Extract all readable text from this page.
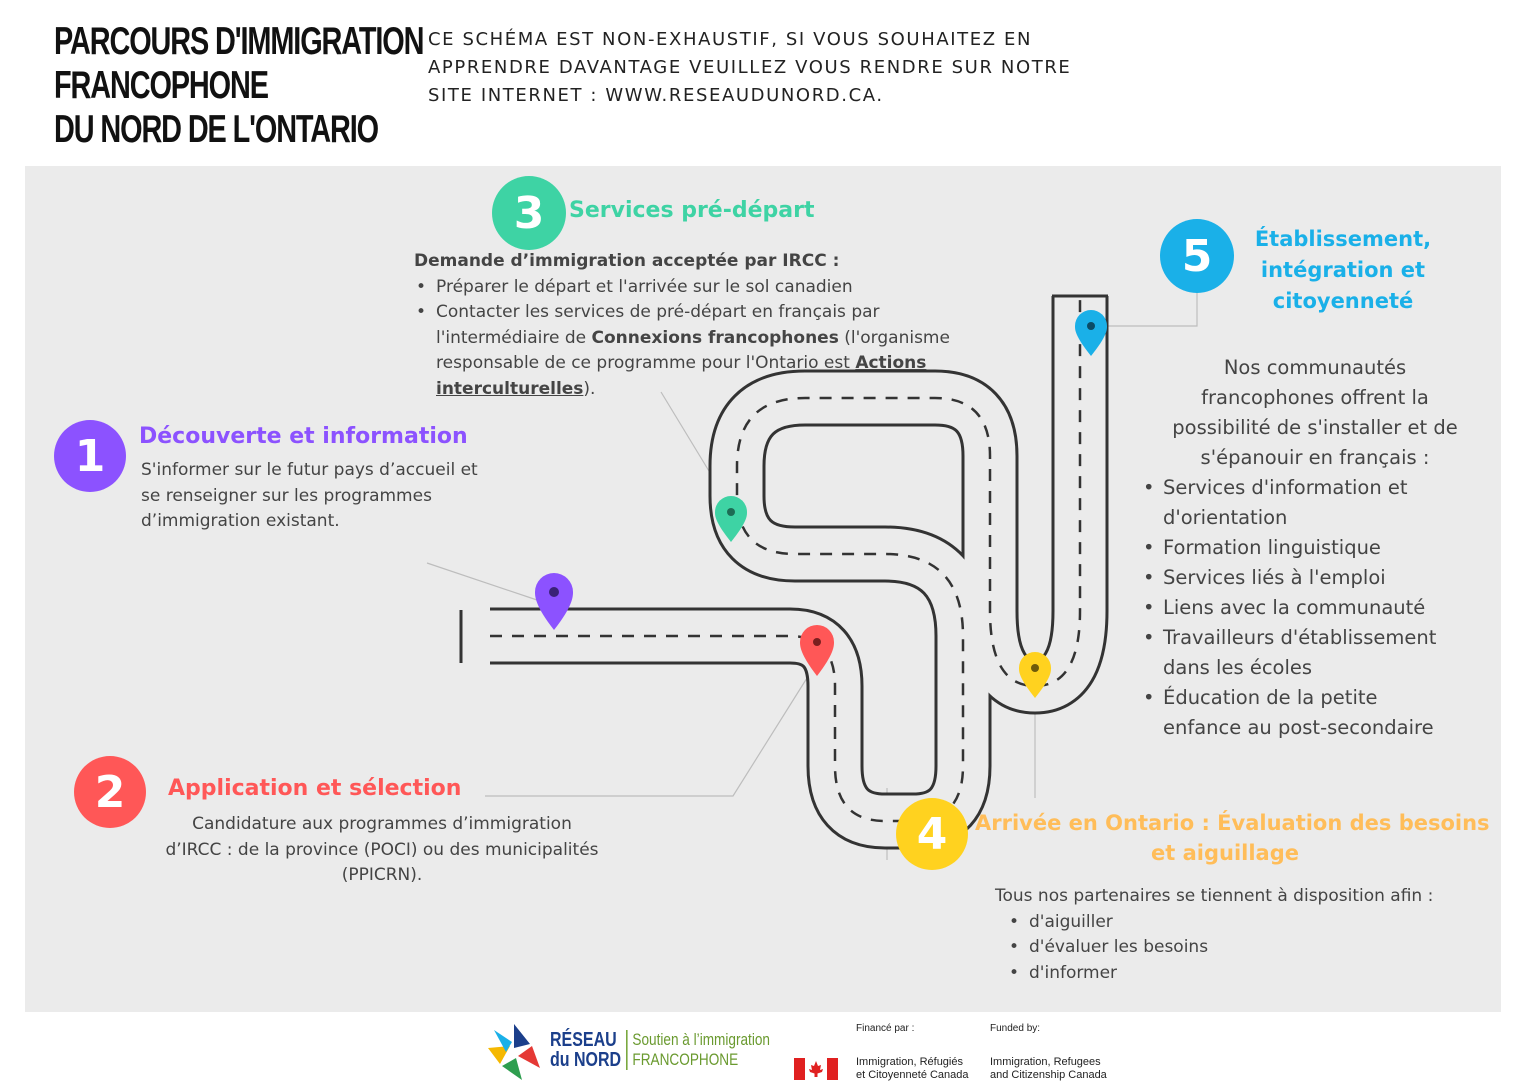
PARCOURS D'IMMIGRATION
FRANCOPHONE
DU NORD DE L'ONTARIO

CE SCHÉMA EST NON-EXHAUSTIF, SI VOUS SOUHAITEZ EN
APPRENDRE DAVANTAGE VEUILLEZ VOUS RENDRE SUR NOTRE
SITE INTERNET : WWW.RESEAUDUNORD.CA.

1 Découverte et information

S'informer sur le futur pays d’accueil et
se renseigner sur les programmes
d’immigration existant.

2 Application et sélection

Candidature aux programmes d’immigration
d’IRCC : de la province (POCI) ou des municipalités
(PPICRN).

3 Services pré-départ
Demande d’immigration acceptée par IRCC :
• Préparer le départ et l'arrivée sur le sol canadien
• Contacter les services de pré-départ en français par
l'intermédiaire de Connexions francophones (l'organisme
responsable de ce programme pour l'Ontario est Actions
interculturelles).
4 Arrivée en Ontario : Évaluation des besoins
et aiguillage
Tous nos partenaires se tiennent à disposition afin :
• d'aiguiller
• d'évaluer les besoins
• d'informer
5	Établissement,
intégration et
citoyenneté
Nos communautés
francophones offrent la
possibilité de s'installer et de
s'épanouir en français :
• Services d'information et
d'orientation
• Formation linguistique
• Services liés à l'emploi
• Liens avec la communauté
• Travailleurs d'établissement
dans les écoles
• Éducation de la petite
enfance au post-secondaire
RÉSEAU
du NORD
Soutien à l’immigration
FRANCOPHONE
Financé par :	Funded by:
Immigration, Réfugiés
et Citoyenneté Canada
Immigration, Refugees
and Citizenship Canada
